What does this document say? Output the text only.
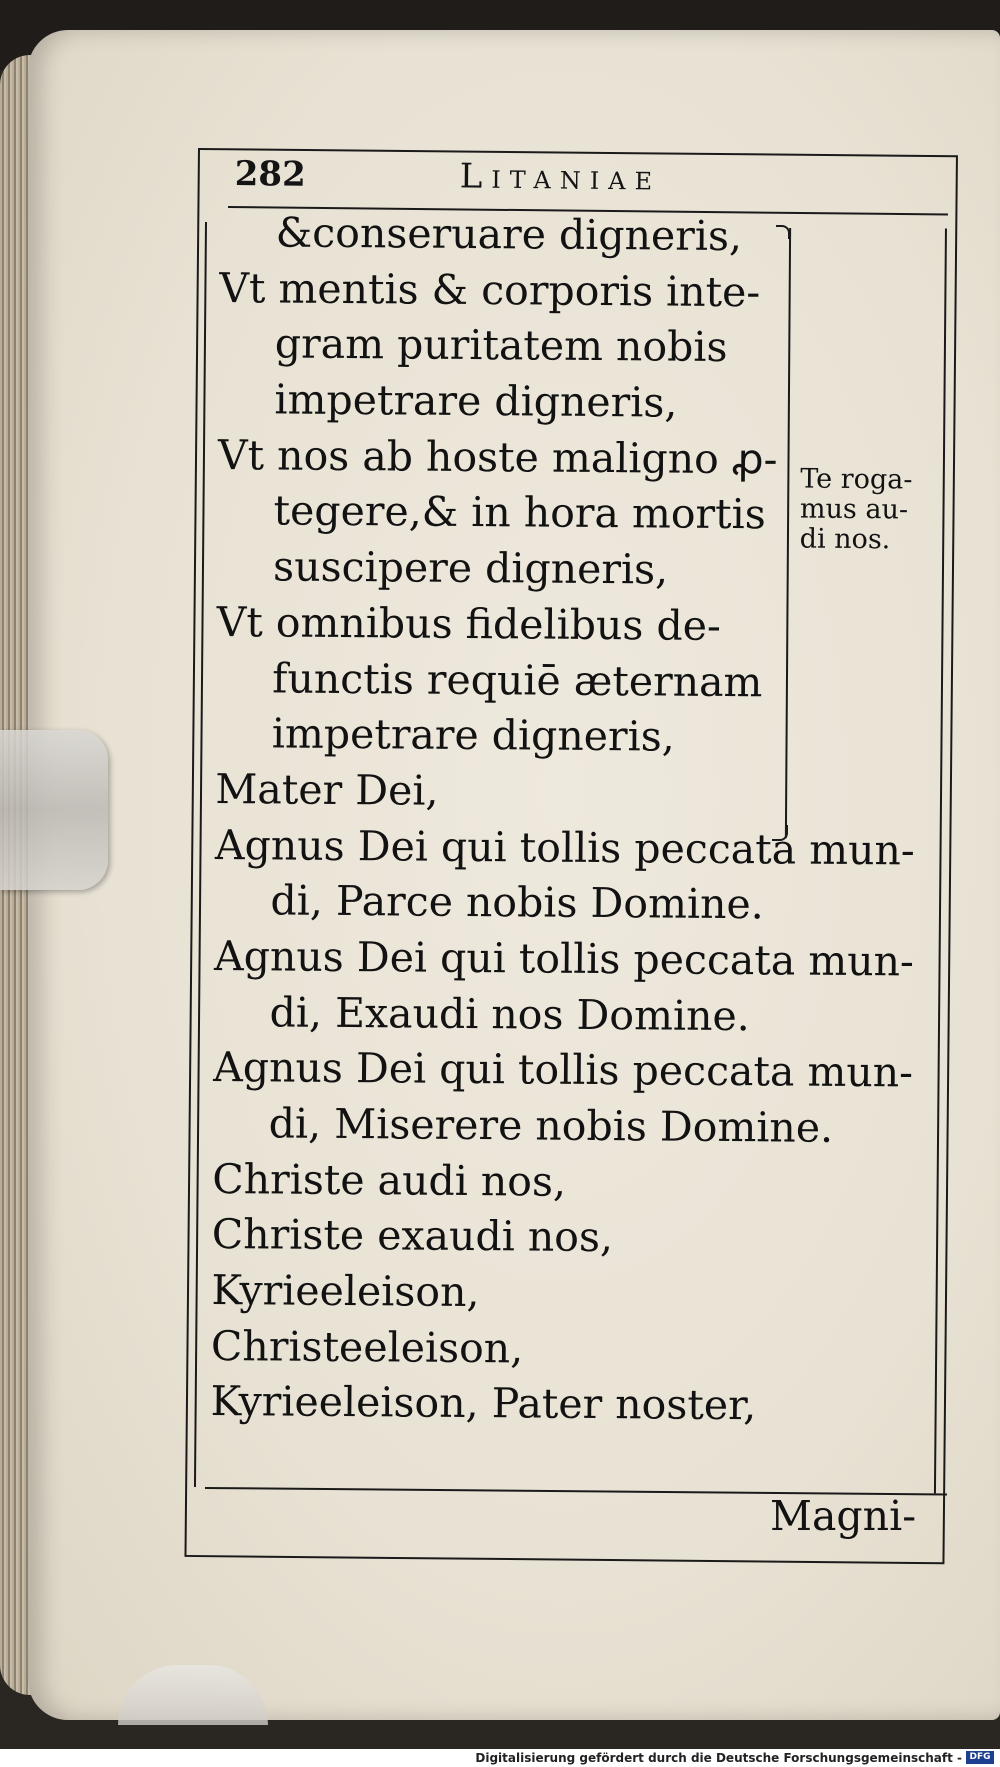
282	Litaniae
&conseruare digneris,
Vt mentis & corporis inte-
gram puritatem nobis
impetrare digneris,
Vt nos ab hoste maligno ꝓ-
tegere,& in hora mortis
suscipere digneris,
Vt omnibus fidelibus de-
functis requiē æternam
impetrare digneris,
Mater Dei,
Agnus Dei qui tollis peccata mun-
di, Parce nobis Domine.
Agnus Dei qui tollis peccata mun-
di, Exaudi nos Domine.
Agnus Dei qui tollis peccata mun-
di, Miserere nobis Domine.
Christe audi nos,
Christe exaudi nos,
Kyrieeleison,
Christeeleison,
Kyrieeleison, Pater noster,
Te roga-
mus au-
di nos.
Magni-
Digitalisierung gefördert durch die Deutsche Forschungsgemeinschaft - DFG
